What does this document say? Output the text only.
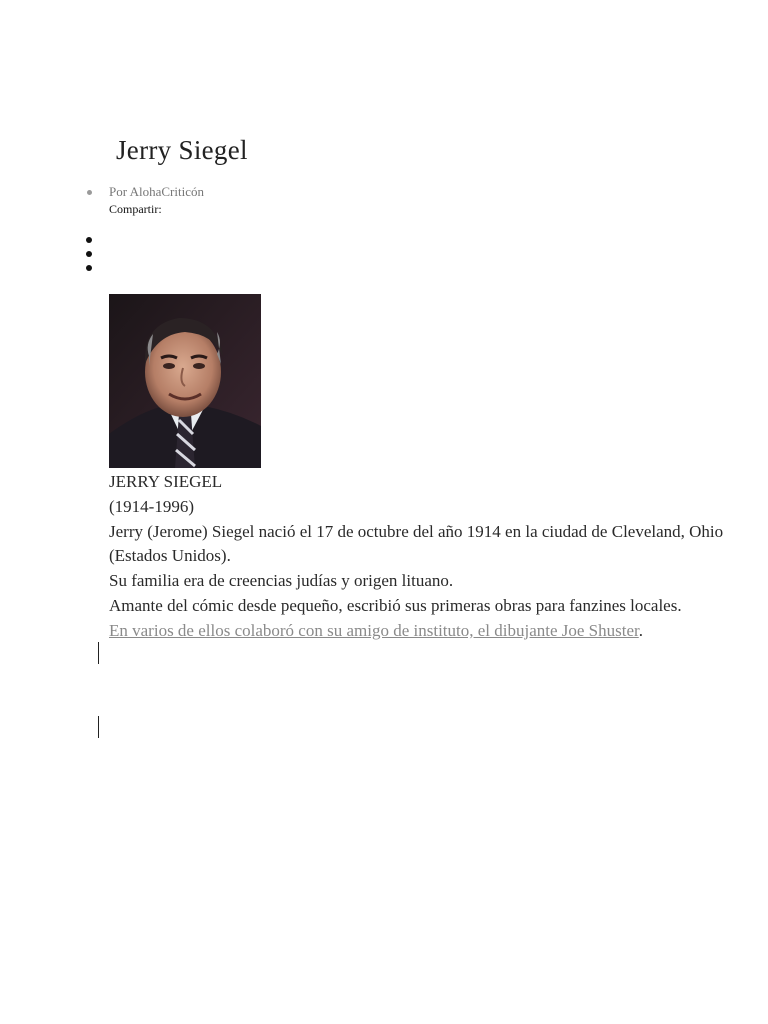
Jerry Siegel
Por AlohaCriticón
Compartir:

JERRY SIEGEL

(1914-1996)

Jerry (Jerome) Siegel nació el 17 de octubre del año 1914 en la ciudad de Cleveland, Ohio (Estados Unidos).

Su familia era de creencias judías y origen lituano.

Amante del cómic desde pequeño, escribió sus primeras obras para fanzines locales.

En varios de ellos colaboró con su amigo de instituto, el dibujante Joe Shuster.
